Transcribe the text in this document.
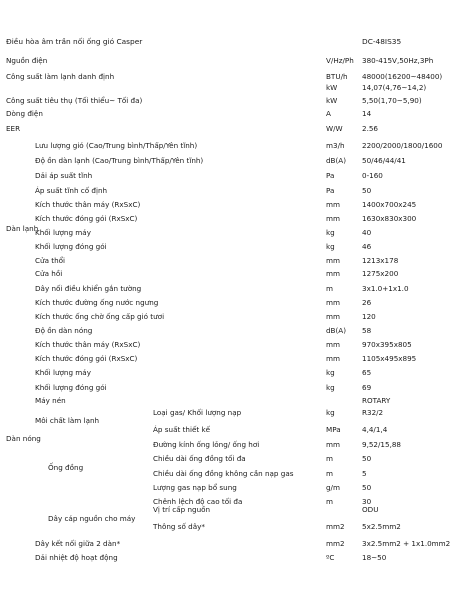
Điều hòa âm trần nối ống gió Casper	DC-48IS35
Nguồn điện	V/Hz/Ph 380-415V,50Hz,3Ph
Công suất làm lạnh danh định	BTU/h 48000(16200~48400)
kW	14,07(4,76~14,2)
Công suất tiêu thụ (Tối thiểu~ Tối đa)	kW	5,50(1,70~5,90)
Dòng điện	A	14
EER	W/W	2.56
Dàn lạnh
Lưu lượng gió (Cao/Trung bình/Thấp/Yên tĩnh)	m3/h 2200/2000/1800/1600
Độ ồn dàn lạnh (Cao/Trung bình/Thấp/Yên tĩnh)	dB(A) 50/46/44/41
Dải áp suất tĩnh	Pa	0-160
Áp suất tĩnh cố định	Pa	50
Kích thước thân máy (RxSxC)	mm	1400x700x245
Kích thước đóng gói (RxSxC)	mm	1630x830x300
Khối lượng máy	kg	40
Khối lượng đóng gói	kg	46
Cửa thổi	mm	1213x178
Cửa hồi	mm	1275x200
Dây nối điều khiển gắn tường	m	3x1.0+1x1.0
Kích thước đường ống nước ngưng	mm	26
Kích thước ống chờ ống cấp gió tươi	mm	120
Dàn nóng
Độ ồn dàn nóng	dB(A) 58
Kích thước thân máy (RxSxC)	mm	970x395x805
Kích thước đóng gói (RxSxC)	mm	1105x495x895
Khối lượng máy	kg	65
Khối lượng đóng gói	kg	69
Máy nén	ROTARY
Môi chất làm lạnh
Loại gas/ Khối lượng nạp	kg	R32/2
Áp suất thiết kế	MPa	4,4/1,4
Ống đồng
Đường kính ống lỏng/ ống hơi	mm	9,52/15,88
Chiều dài ống đồng tối đa	m	50
Chiều dài ống đồng không cần nạp gas	m	5
Lượng gas nạp bổ sung	g/m	50
Chênh lệch độ cao tối đa	m	30
Dây cáp nguồn cho máy
Vị trí cấp nguồn	ODU
Thông số dây*	mm2 5x2.5mm2
Dây kết nối giữa 2 dàn*	mm2 3x2.5mm2 + 1x1.0mm2
Dải nhiệt độ hoạt động	ºC	18~50
